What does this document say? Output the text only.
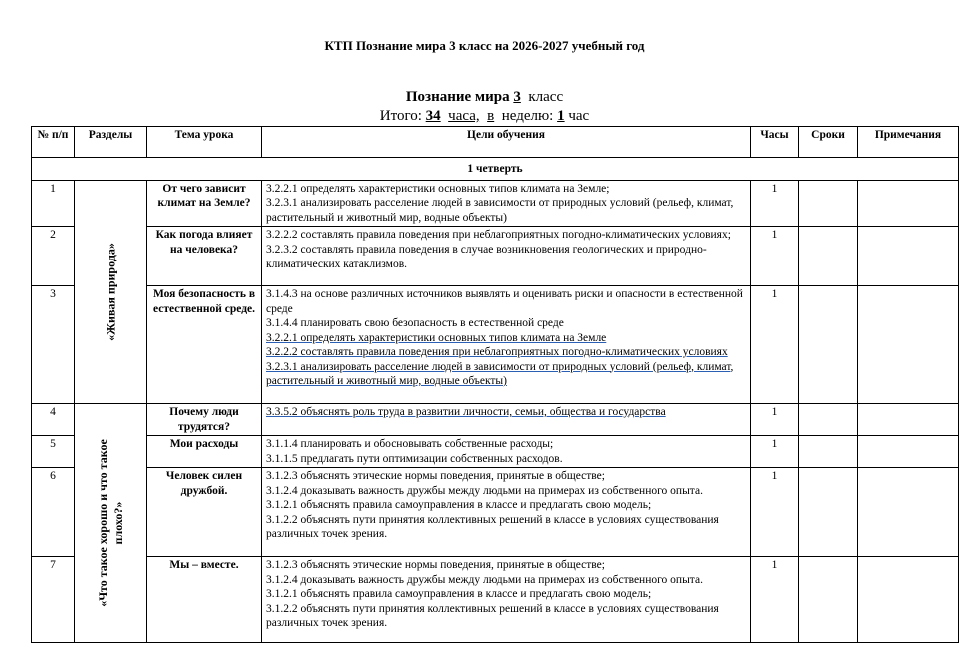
КТП Познание мира 3 класс на 2026-2027 учебный год
Познание мира 3 класс
Итого: 34 часа, в неделю: 1 час
№ п/п	Разделы	Тема урока	Цели обучения	Часы	Сроки	Примечания
1 четверть						
1	«Живая природа»	От чего зависит климат на Земле?	3.2.2.1 определять характеристики основных типов климата на Земле;
3.2.3.1 анализировать расселение людей в зависимости от природных условий (рельеф, климат, растительный и животный мир, водные объекты)	1		
2		Как погода влияет на человека?	3.2.2.2 составлять правила поведения при неблагоприятных погодно-климатических условиях;
3.2.3.2 составлять правила поведения в случае возникновения геологических и природно-климатических катаклизмов.	1		
3		Моя безопасность в естественной среде.	3.1.4.3 на основе различных источников выявлять и оценивать риски и опасности в естественной среде
3.1.4.4 планировать свою безопасность в естественной среде
3.2.2.1 определять характеристики основных типов климата на Земле
3.2.2.2 составлять правила поведения при неблагоприятных погодно-климатических условиях
3.2.3.1 анализировать расселение людей в зависимости от природных условий (рельеф, климат, растительный и животный мир, водные объекты)	1		
4	«Что такое хорошо и что такое
плохо?»	Почему люди трудятся?	3.3.5.2 объяснять роль труда в развитии личности, семьи, общества и государства	1		
5		Мои расходы	3.1.1.4 планировать и обосновывать собственные расходы;
3.1.1.5 предлагать пути оптимизации собственных расходов.	1		
6		Человек силен дружбой.	3.1.2.3 объяснять этические нормы поведения, принятые в обществе;
3.1.2.4 доказывать важность дружбы между людьми на примерах из собственного опыта.
3.1.2.1 объяснять правила самоуправления в классе и предлагать свою модель;
3.1.2.2 объяснять пути принятия коллективных решений в классе в условиях существования различных точек зрения.	1		
7		Мы – вместе.	3.1.2.3 объяснять этические нормы поведения, принятые в обществе;
3.1.2.4 доказывать важность дружбы между людьми на примерах из собственного опыта.
3.1.2.1 объяснять правила самоуправления в классе и предлагать свою модель;
3.1.2.2 объяснять пути принятия коллективных решений в классе в условиях существования различных точек зрения.	1		
